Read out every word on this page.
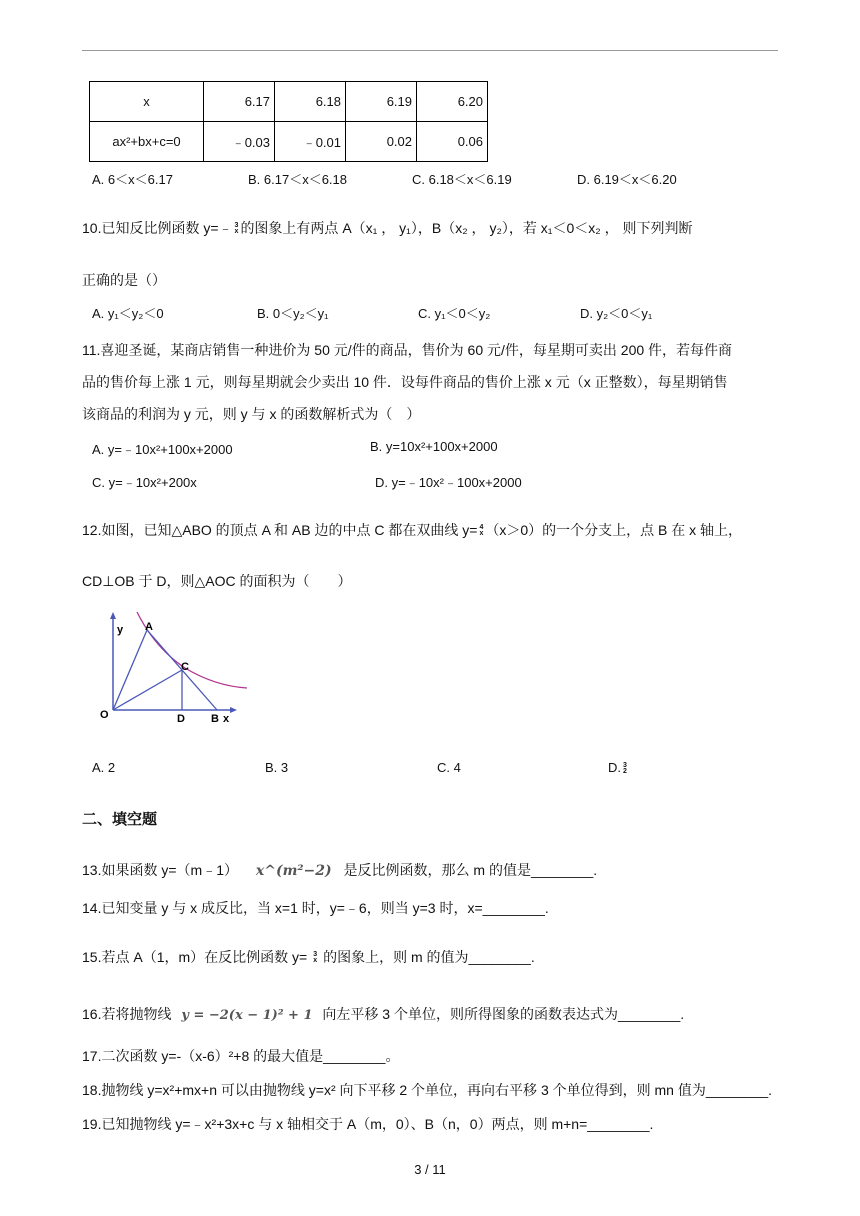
x	6.17	6.18	6.19	6.20
ax²+bx+c=0	﹣0.03	﹣0.01	0.02	0.06
A. 6＜x＜6.17	B. 6.17＜x＜6.18	C. 6.18＜x＜6.19	D. 6.19＜x＜6.20
10.已知反比例函数 y=﹣ 3
x 的图象上有两点 A（x₁ ， y₁），B（x₂ ， y₂），若 x₁＜0＜x₂ ， 则下列判断
正确的是（）
A. y₁＜y₂＜0	B. 0＜y₂＜y₁	C. y₁＜0＜y₂	D. y₂＜0＜y₁
11.喜迎圣诞，某商店销售一种进价为 50 元/件的商品，售价为 60 元/件，每星期可卖出 200 件，若每件商
品的售价每上涨 1 元，则每星期就会少卖出 10 件．设每件商品的售价上涨 x 元（x 正整数），每星期销售
该商品的利润为 y 元，则 y 与 x 的函数解析式为（　）
A. y=﹣10x²+100x+2000	B. y=10x²+100x+2000
C. y=﹣10x²+200x	D. y=﹣10x²﹣100x+2000
12.如图，已知△ABO 的顶点 A 和 AB 边的中点 C 都在双曲线 y= 4
x （x＞0）的一个分支上，点 B 在 x 轴上，
CD⊥OB 于 D，则△AOC 的面积为（　　）
y A
C
O	D B x
A. 2	B. 3	C. 4	D. 3
2
二、填空题
13.如果函数 y=（m﹣1） x^(m²−2) 是反比例函数，那么 m 的值是________.
14.已知变量 y 与 x 成反比，当 x=1 时，y=﹣6，则当 y=3 时，x=________.
15.若点 A（1，m）在反比例函数 y= 3
x 的图象上，则 m 的值为________.
16.若将抛物线 y = −2(x − 1)² + 1 向左平移 3 个单位，则所得图象的函数表达式为________.
17.二次函数 y=-（x-6）²+8 的最大值是________。
18.抛物线 y=x²+mx+n 可以由抛物线 y=x² 向下平移 2 个单位，再向右平移 3 个单位得到，则 mn 值为________.
19.已知抛物线 y=﹣x²+3x+c 与 x 轴相交于 A（m，0）、B（n，0）两点，则 m+n=________.
3 / 11
